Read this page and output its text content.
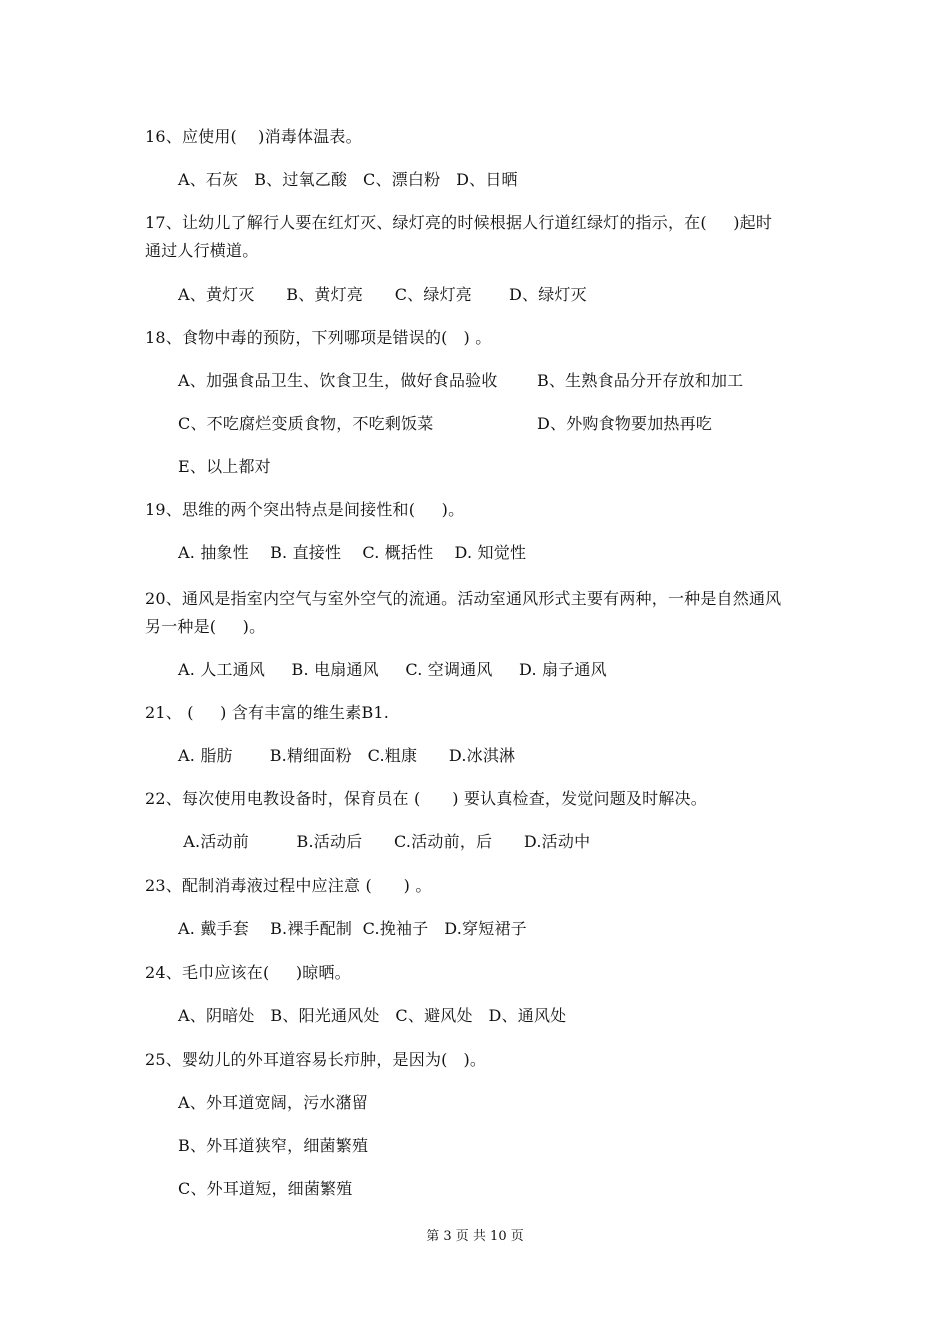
16、应使用(    )消毒体温表。
A、石灰   B、过氧乙酸   C、漂白粉   D、日晒
17、让幼儿了解行人要在红灯灭、绿灯亮的时候根据人行道红绿灯的指示，在(     )起时
通过人行横道。
A、黄灯灭      B、黄灯亮      C、绿灯亮       D、绿灯灭
18、食物中毒的预防，下列哪项是错误的(   ) 。
A、加强食品卫生、饮食卫生，做好食品验收 B、生熟食品分开存放和加工
C、不吃腐烂变质食物，不吃剩饭菜	D、外购食物要加热再吃
E、以上都对
19、思维的两个突出特点是间接性和(     )。
A. 抽象性    B. 直接性    C. 概括性    D. 知觉性
20、通风是指室内空气与室外空气的流通。活动室通风形式主要有两种，一种是自然通风
另一种是(     )。
A. 人工通风     B. 电扇通风     C. 空调通风     D. 扇子通风
21、 (     ) 含有丰富的维生素B1.
A. 脂肪       B.精细面粉   C.粗康      D.冰淇淋
22、每次使用电教设备时，保育员在 (      ) 要认真检查，发觉问题及时解决。
A.活动前         B.活动后      C.活动前，后      D.活动中
23、配制消毒液过程中应注意 (      ) 。
A. 戴手套    B.裸手配制  C.挽袖子   D.穿短裙子
24、毛巾应该在(     )晾晒。
A、阴暗处   B、阳光通风处   C、避风处   D、通风处
25、婴幼儿的外耳道容易长疖肿，是因为(   )。
A、外耳道宽阔，污水潴留
B、外耳道狭窄，细菌繁殖
C、外耳道短，细菌繁殖
第 3 页 共 10 页
